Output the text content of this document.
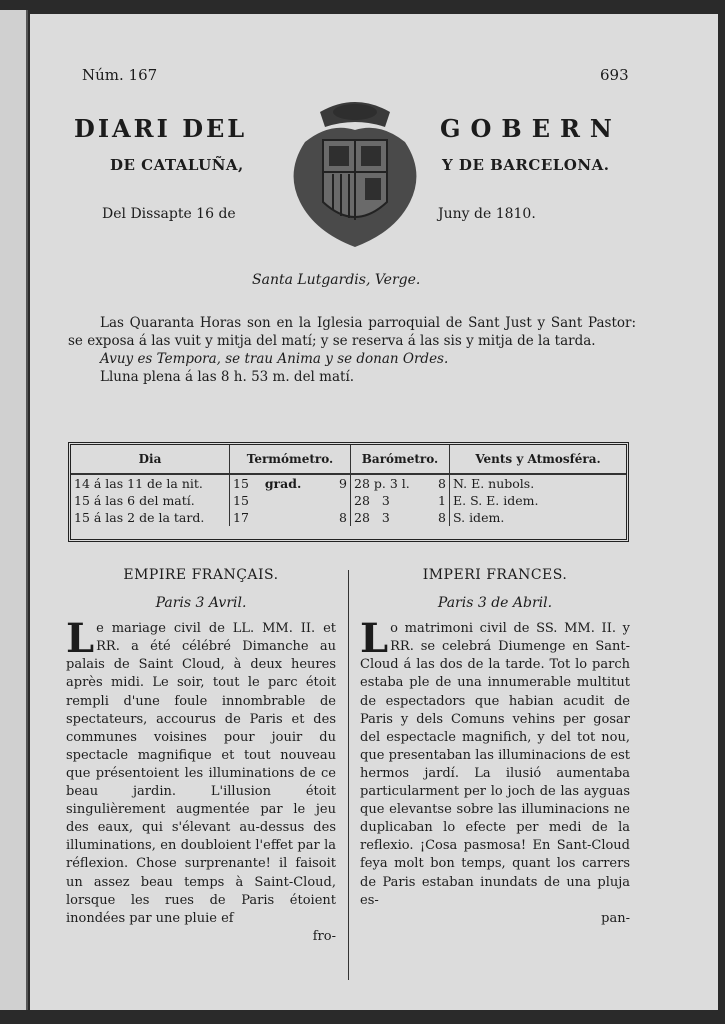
Núm. 167	693
DIARI DEL	GOBERN
DE CATALUÑA,	Y DE BARCELONA.
Del Dissapte 16 de	Juny de 1810.
Santa Lutgardis, Verge.

Las Quaranta Horas son en la Iglesia parroquial de Sant Just y Sant Pastor: se exposa á las vuit y mitja del matí; y se reserva á las sis y mitja de la tarda.

Avuy es Tempora, se trau Anima y se donan Ordes.

Lluna plena á las 8 h. 53 m. del matí.

Dia	Termómetro.	Barómetro.	Vents y Atmosféra.
14 á las 11 de la nit.	15 grad. 9	28 p. 3 l. 8	N. E. nubols.
15 á las 6 del matí.	15	28 3 1	E. S. E. idem.
15 á las 2 de la tard.	17 8	28 3 8	S. idem.
EMPIRE FRANÇAIS.
Paris 3 Avril.
Le mariage civil de LL. MM. II. et RR. a été célébré Dimanche au palais de Saint Cloud, à deux heures après midi. Le soir, tout le parc étoit rempli d'une foule innombrable de spectateurs, accourus de Paris et des communes voisines pour jouir du spectacle magnifique et tout nouveau que présentoient les illuminations de ce beau jardin. L'illusion étoit singulièrement augmentée par le jeu des eaux, qui s'élevant au-dessus des illuminations, en doubloient l'effet par la réflexion. Chose surprenante! il faisoit un assez beau temps à Saint-Cloud, lorsque les rues de Paris étoient inondées par une pluie ef
fro-
IMPERI FRANCES.
Paris 3 de Abril.
Lo matrimoni civil de SS. MM. II. y RR. se celebrá Diumenge en Sant-Cloud á las dos de la tarde. Tot lo parch estaba ple de una innumerable multitut de espectadors que habian acudit de Paris y dels Comuns vehins per gosar del espectacle magnifich, y del tot nou, que presentaban las illuminacions de est hermos jardí. La ilusió aumentaba particularment per lo joch de las ayguas que elevantse sobre las illuminacions ne duplicaban lo efecte per medi de la reflexio. ¡Cosa pasmosa! En Sant-Cloud feya molt bon temps, quant los carrers de Paris estaban inundats de una pluja es-
pan-
